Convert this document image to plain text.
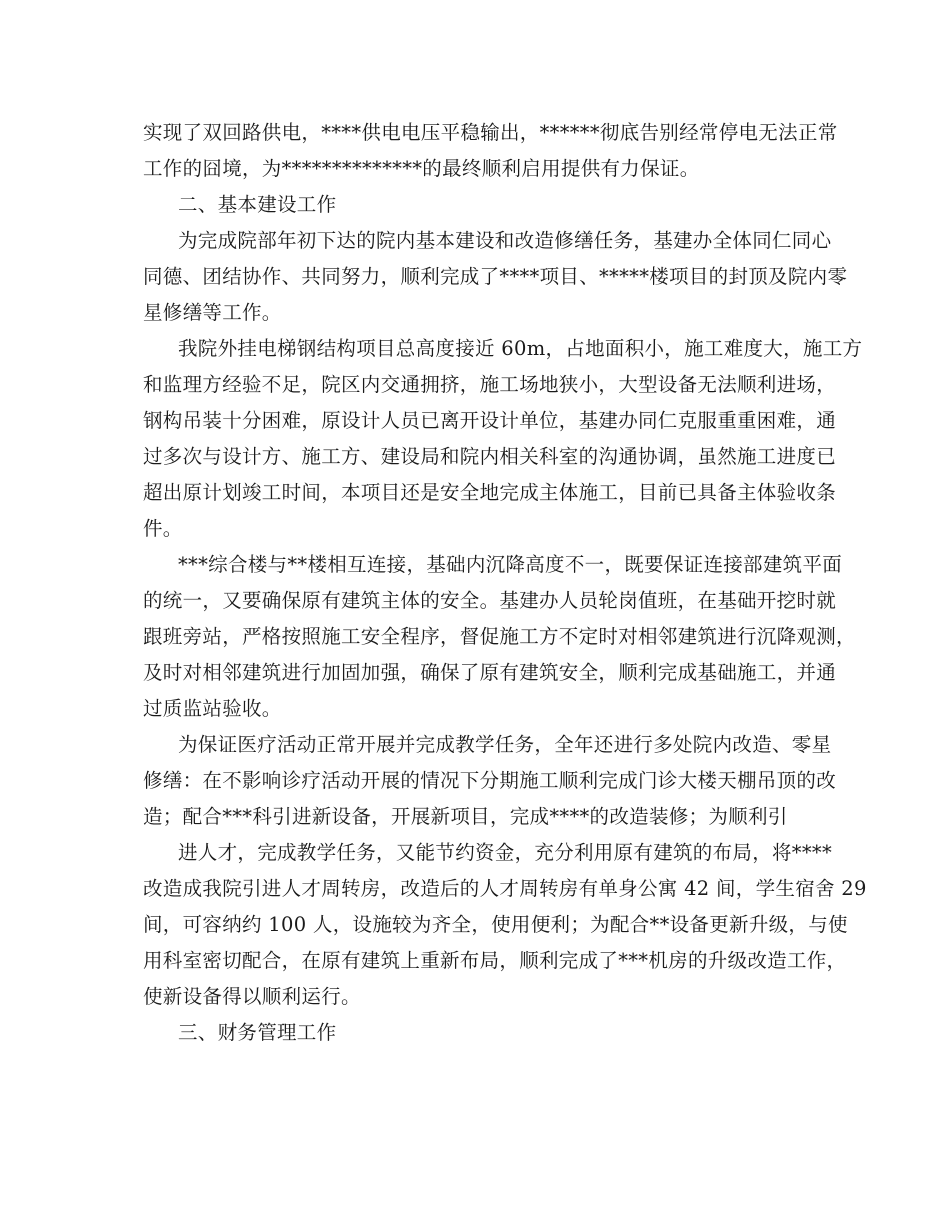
实现了双回路供电，****供电电压平稳输出，******彻底告别经常停电无法正常
工作的囧境，为**************的最终顺利启用提供有力保证。
二、基本建设工作
为完成院部年初下达的院内基本建设和改造修缮任务，基建办全体同仁同心
同德、团结协作、共同努力，顺利完成了****项目、*****楼项目的封顶及院内零
星修缮等工作。
我院外挂电梯钢结构项目总高度接近 60m，占地面积小，施工难度大，施工方
和监理方经验不足，院区内交通拥挤，施工场地狭小，大型设备无法顺利进场，
钢构吊装十分困难，原设计人员已离开设计单位，基建办同仁克服重重困难，通
过多次与设计方、施工方、建设局和院内相关科室的沟通协调，虽然施工进度已
超出原计划竣工时间，本项目还是安全地完成主体施工，目前已具备主体验收条
件。
***综合楼与**楼相互连接，基础内沉降高度不一，既要保证连接部建筑平面
的统一，又要确保原有建筑主体的安全。基建办人员轮岗值班，在基础开挖时就
跟班旁站，严格按照施工安全程序，督促施工方不定时对相邻建筑进行沉降观测，
及时对相邻建筑进行加固加强，确保了原有建筑安全，顺利完成基础施工，并通
过质监站验收。
为保证医疗活动正常开展并完成教学任务，全年还进行多处院内改造、零星
修缮：在不影响诊疗活动开展的情况下分期施工顺利完成门诊大楼天棚吊顶的改
造；配合***科引进新设备，开展新项目，完成****的改造装修；为顺利引
进人才，完成教学任务，又能节约资金，充分利用原有建筑的布局，将****
改造成我院引进人才周转房，改造后的人才周转房有单身公寓 42 间，学生宿舍 29
间，可容纳约 100 人，设施较为齐全，使用便利；为配合**设备更新升级，与使
用科室密切配合，在原有建筑上重新布局，顺利完成了***机房的升级改造工作，
使新设备得以顺利运行。
三、财务管理工作
